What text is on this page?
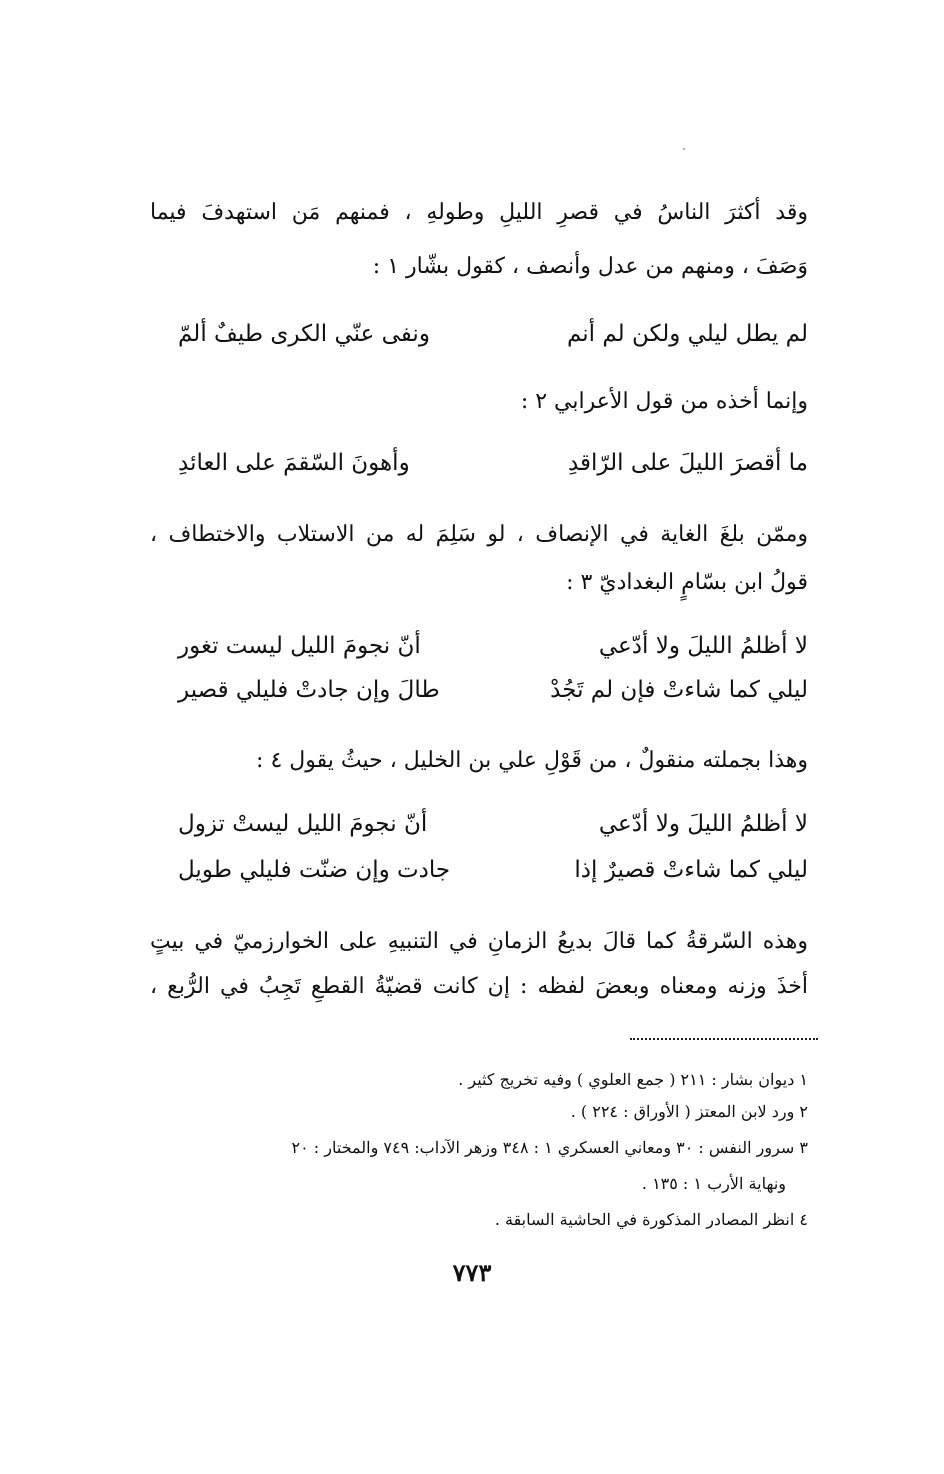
وقد أكثرَ الناسُ في قصرِ الليلِ وطولهِ ، فمنهم مَن استهدفَ فيما
وَصَفَ ، ومنهم من عدل وأنصف ، كقول بشّار ١ :
لم يطل ليلي ولكن لم أنم
ونفى عنّي الكرى طيفٌ ألمّ
وإنما أخذه من قول الأعرابي ٢ :
ما أقصرَ الليلَ على الرّاقدِ
وأهونَ السّقمَ على العائدِ
وممّن بلغَ الغاية في الإنصاف ، لو سَلِمَ له من الاستلاب والاختطاف ،
قولُ ابن بسّامٍ البغداديّ ٣ :
لا أظلمُ الليلَ ولا أدّعي
أنّ نجومَ الليل ليست تغور
ليلي كما شاءتْ فإن لم تَجُدْ
طالَ وإن جادتْ فليلي قصير
وهذا بجملته منقولٌ ، من قَوْلِ علي بن الخليل ، حيثُ يقول ٤ :
لا أظلمُ الليلَ ولا أدّعي
أنّ نجومَ الليل ليستْ تزول
ليلي كما شاءتْ قصيرٌ إذا
جادت وإن ضنّت فليلي طويل
وهذه السّرقةُ كما قالَ بديعُ الزمانِ في التنبيهِ على الخوارزميّ في بيتٍ
أخذَ وزنه ومعناه وبعضَ لفظه : إن كانت قضيّةُ القطعِ تَجِبُ في الرُّبع ،
١ ديوان بشار : ٢١١ ( جمع العلوي ) وفيه تخريج كثير .
٢ ورد لابن المعتز ( الأوراق : ٢٢٤ ) .
٣ سرور النفس : ٣٠ ومعاني العسكري ١ : ٣٤٨ وزهر الآداب: ٧٤٩ والمختار : ٢٠
ونهاية الأرب ١ : ١٣٥ .
٤ انظر المصادر المذكورة في الحاشية السابقة .
٧٧٣
